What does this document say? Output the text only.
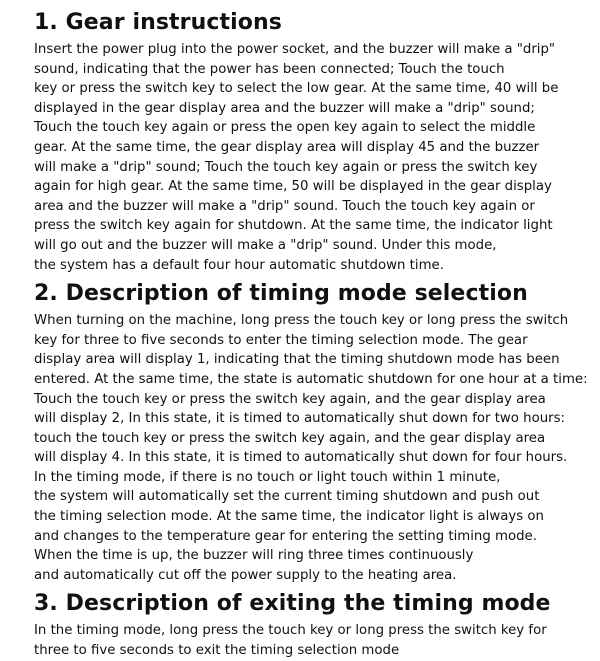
1. Gear instructions
Insert the power plug into the power socket, and the buzzer will make a "drip"
sound, indicating that the power has been connected; Touch the touch
key or press the switch key to select the low gear. At the same time, 40 will be
displayed in the gear display area and the buzzer will make a "drip" sound;
Touch the touch key again or press the open key again to select the middle
gear. At the same time, the gear display area will display 45 and the buzzer
will make a "drip" sound; Touch the touch key again or press the switch key
again for high gear. At the same time, 50 will be displayed in the gear display
area and the buzzer will make a "drip" sound. Touch the touch key again or
press the switch key again for shutdown. At the same time, the indicator light
will go out and the buzzer will make a "drip" sound. Under this mode,
the system has a default four hour automatic shutdown time.
2. Description of timing mode selection
When turning on the machine, long press the touch key or long press the switch
key for three to five seconds to enter the timing selection mode. The gear
display area will display 1, indicating that the timing shutdown mode has been
entered. At the same time, the state is automatic shutdown for one hour at a time:
Touch the touch key or press the switch key again, and the gear display area
will display 2, In this state, it is timed to automatically shut down for two hours:
touch the touch key or press the switch key again, and the gear display area
will display 4. In this state, it is timed to automatically shut down for four hours.
In the timing mode, if there is no touch or light touch within 1 minute,
the system will automatically set the current timing shutdown and push out
the timing selection mode. At the same time, the indicator light is always on
and changes to the temperature gear for entering the setting timing mode.
When the time is up, the buzzer will ring three times continuously
and automatically cut off the power supply to the heating area.
3. Description of exiting the timing mode
In the timing mode, long press the touch key or long press the switch key for
three to five seconds to exit the timing selection mode
